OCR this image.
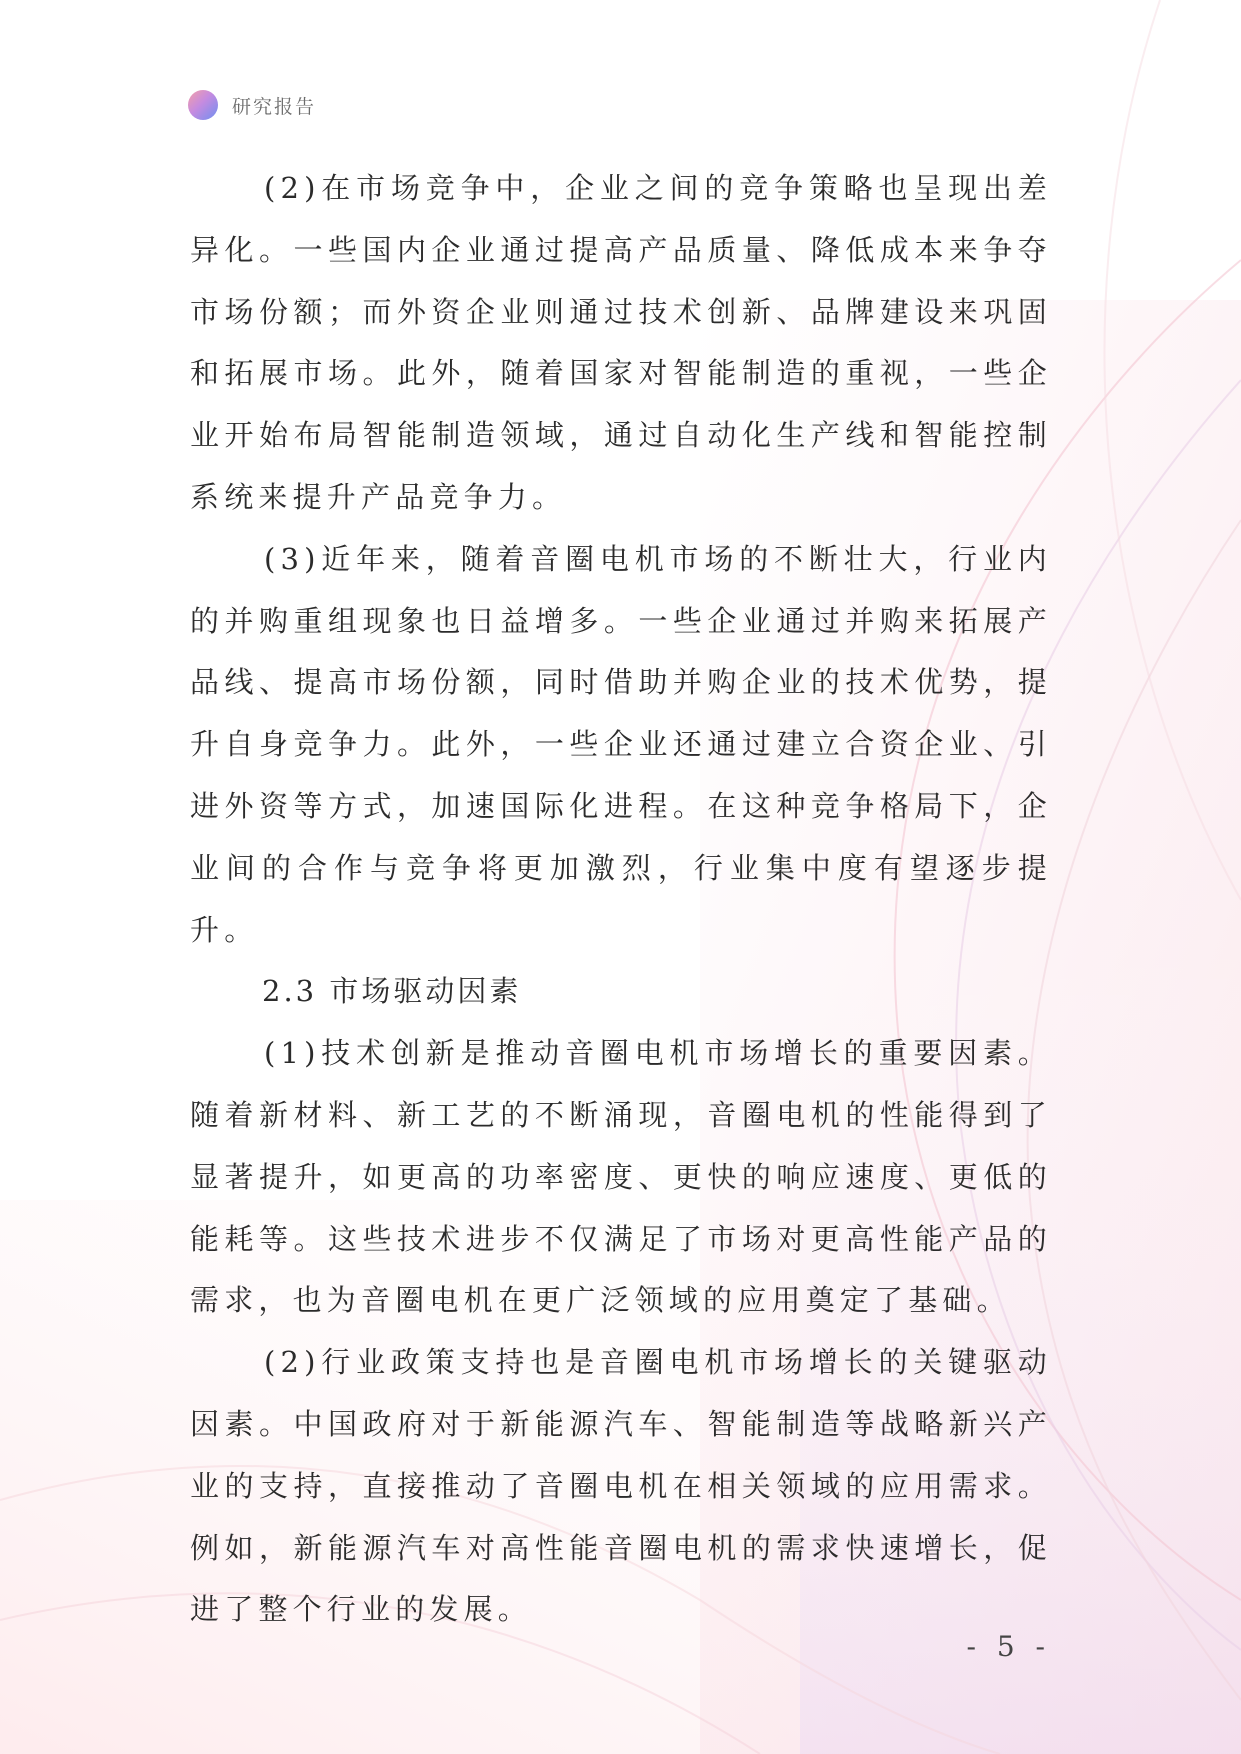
研究报告

(2)在市场竞争中，企业之间的竞争策略也呈现出差异化。一些国内企业通过提高产品质量、降低成本来争夺市场份额；而外资企业则通过技术创新、品牌建设来巩固和拓展市场。此外，随着国家对智能制造的重视，一些企业开始布局智能制造领域，通过自动化生产线和智能控制系统来提升产品竞争力。

(3)近年来，随着音圈电机市场的不断壮大，行业内的并购重组现象也日益增多。一些企业通过并购来拓展产品线、提高市场份额，同时借助并购企业的技术优势，提升自身竞争力。此外，一些企业还通过建立合资企业、引进外资等方式，加速国际化进程。在这种竞争格局下，企业间的合作与竞争将更加激烈，行业集中度有望逐步提升。

2.3 市场驱动因素

(1)技术创新是推动音圈电机市场增长的重要因素。随着新材料、新工艺的不断涌现，音圈电机的性能得到了显著提升，如更高的功率密度、更快的响应速度、更低的能耗等。这些技术进步不仅满足了市场对更高性能产品的需求，也为音圈电机在更广泛领域的应用奠定了基础。

(2)行业政策支持也是音圈电机市场增长的关键驱动因素。中国政府对于新能源汽车、智能制造等战略新兴产业的支持，直接推动了音圈电机在相关领域的应用需求。例如，新能源汽车对高性能音圈电机的需求快速增长，促进了整个行业的发展。

- 5 -
